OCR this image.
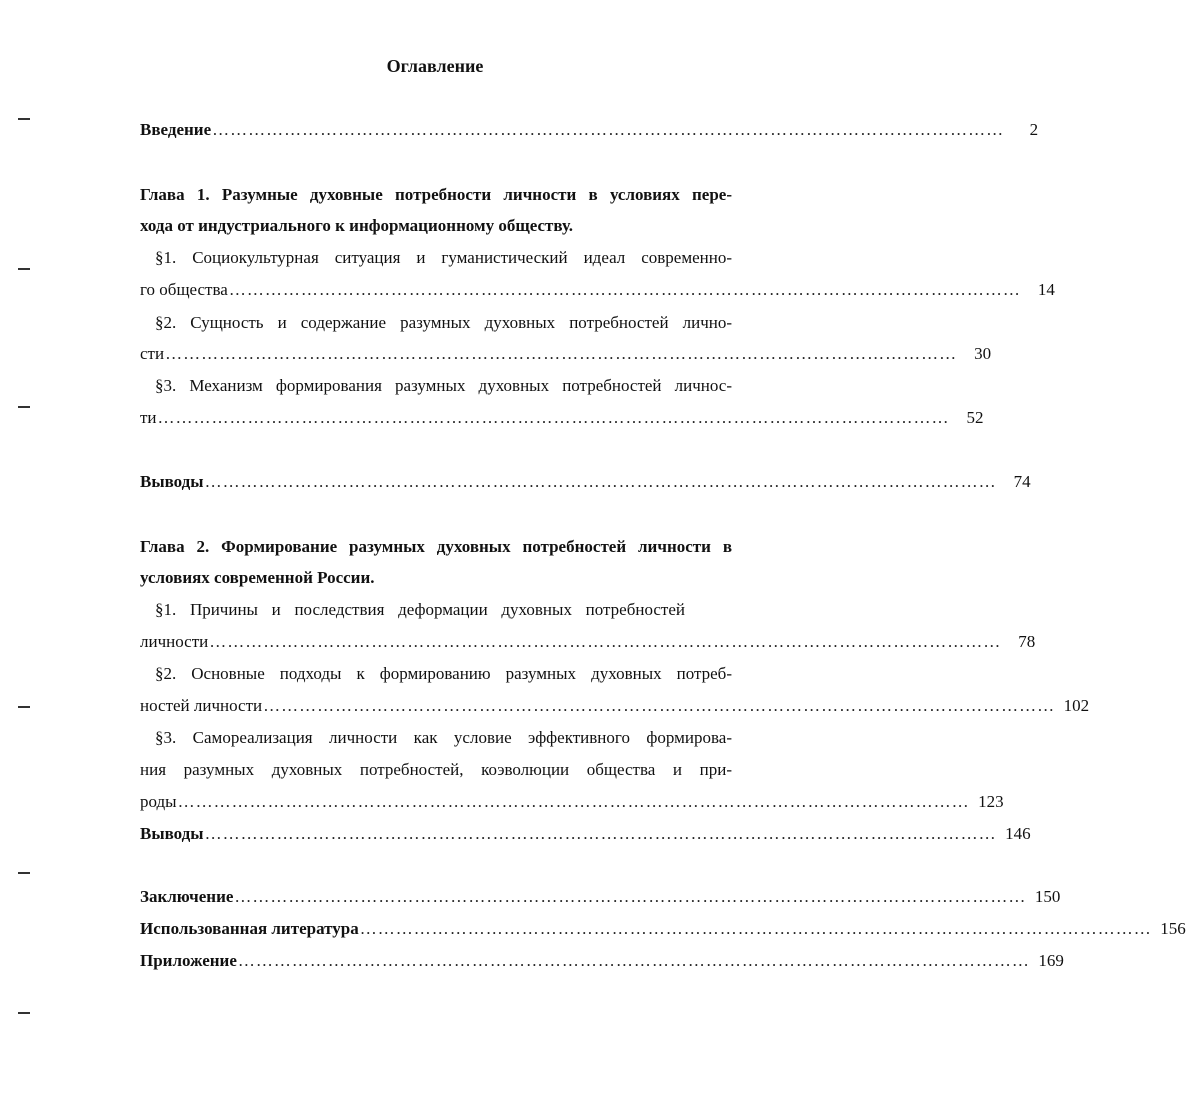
Оглавление
Введение ……………………………………………………………………………………………………………………	2
Глава 1. Разумные духовные потребности личности в условиях пере-
хода от индустриального к информационному обществу.
§1. Социокультурная ситуация и гуманистический идеал современно-
го общества ……………………………………………………………………………………………………………………	14
§2. Сущность и содержание разумных духовных потребностей лично-
сти ……………………………………………………………………………………………………………………	30
§3. Механизм формирования разумных духовных потребностей личнос-
ти ……………………………………………………………………………………………………………………	52
Выводы ……………………………………………………………………………………………………………………	74
Глава 2. Формирование разумных духовных потребностей личности в
условиях современной России.
§1. Причины и последствия деформации духовных потребностей
личности ……………………………………………………………………………………………………………………	78
§2. Основные подходы к формированию разумных духовных потреб-
ностей личности …………………………………………………………………………………………………………………… 102
§3. Самореализация личности как условие эффективного формирова-
ния разумных духовных потребностей, коэволюции общества и при-
роды …………………………………………………………………………………………………………………… 123
Выводы …………………………………………………………………………………………………………………… 146
Заключение …………………………………………………………………………………………………………………… 150
Использованная литература …………………………………………………………………………………………………………………… 156
Приложение …………………………………………………………………………………………………………………… 169
